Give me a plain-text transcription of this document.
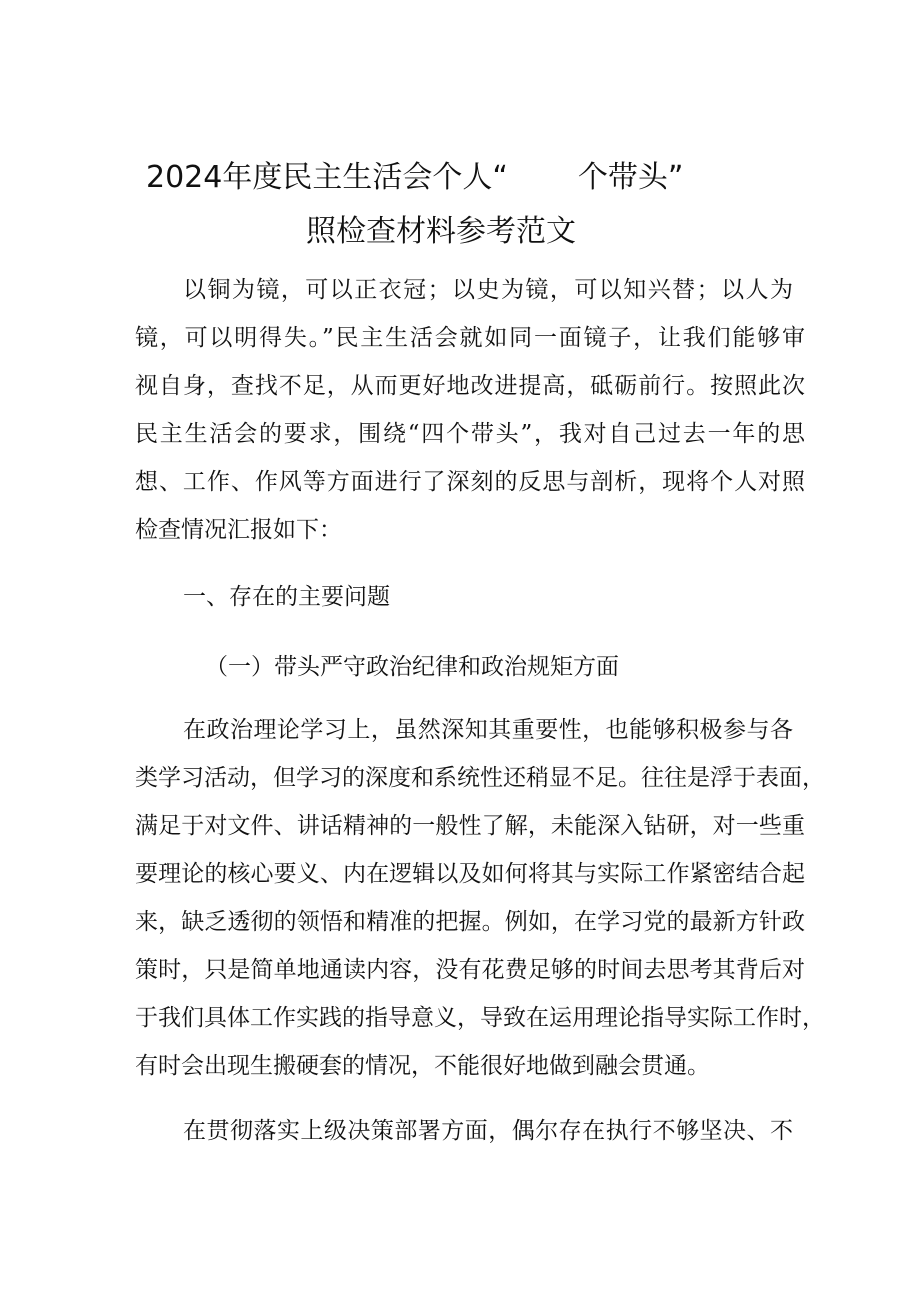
2024年度民主生活会个人“ 个带头”
照检查材料参考范文
以铜为镜，可以正衣冠；以史为镜，可以知兴替；以人为
镜，可以明得失。”民主生活会就如同一面镜子，让我们能够审
视自身，查找不足，从而更好地改进提高，砥砺前行。按照此次
民主生活会的要求，围绕“四个带头”，我对自己过去一年的思
想、工作、作风等方面进行了深刻的反思与剖析，现将个人对照
检查情况汇报如下：
一、存在的主要问题
（一）带头严守政治纪律和政治规矩方面
在政治理论学习上，虽然深知其重要性，也能够积极参与各
类学习活动，但学习的深度和系统性还稍显不足。往往是浮于表面，
满足于对文件、讲话精神的一般性了解，未能深入钻研，对一些重
要理论的核心要义、内在逻辑以及如何将其与实际工作紧密结合起
来，缺乏透彻的领悟和精准的把握。例如，在学习党的最新方针政
策时，只是简单地通读内容，没有花费足够的时间去思考其背后对
于我们具体工作实践的指导意义，导致在运用理论指导实际工作时，
有时会出现生搬硬套的情况，不能很好地做到融会贯通。
在贯彻落实上级决策部署方面，偶尔存在执行不够坚决、不
